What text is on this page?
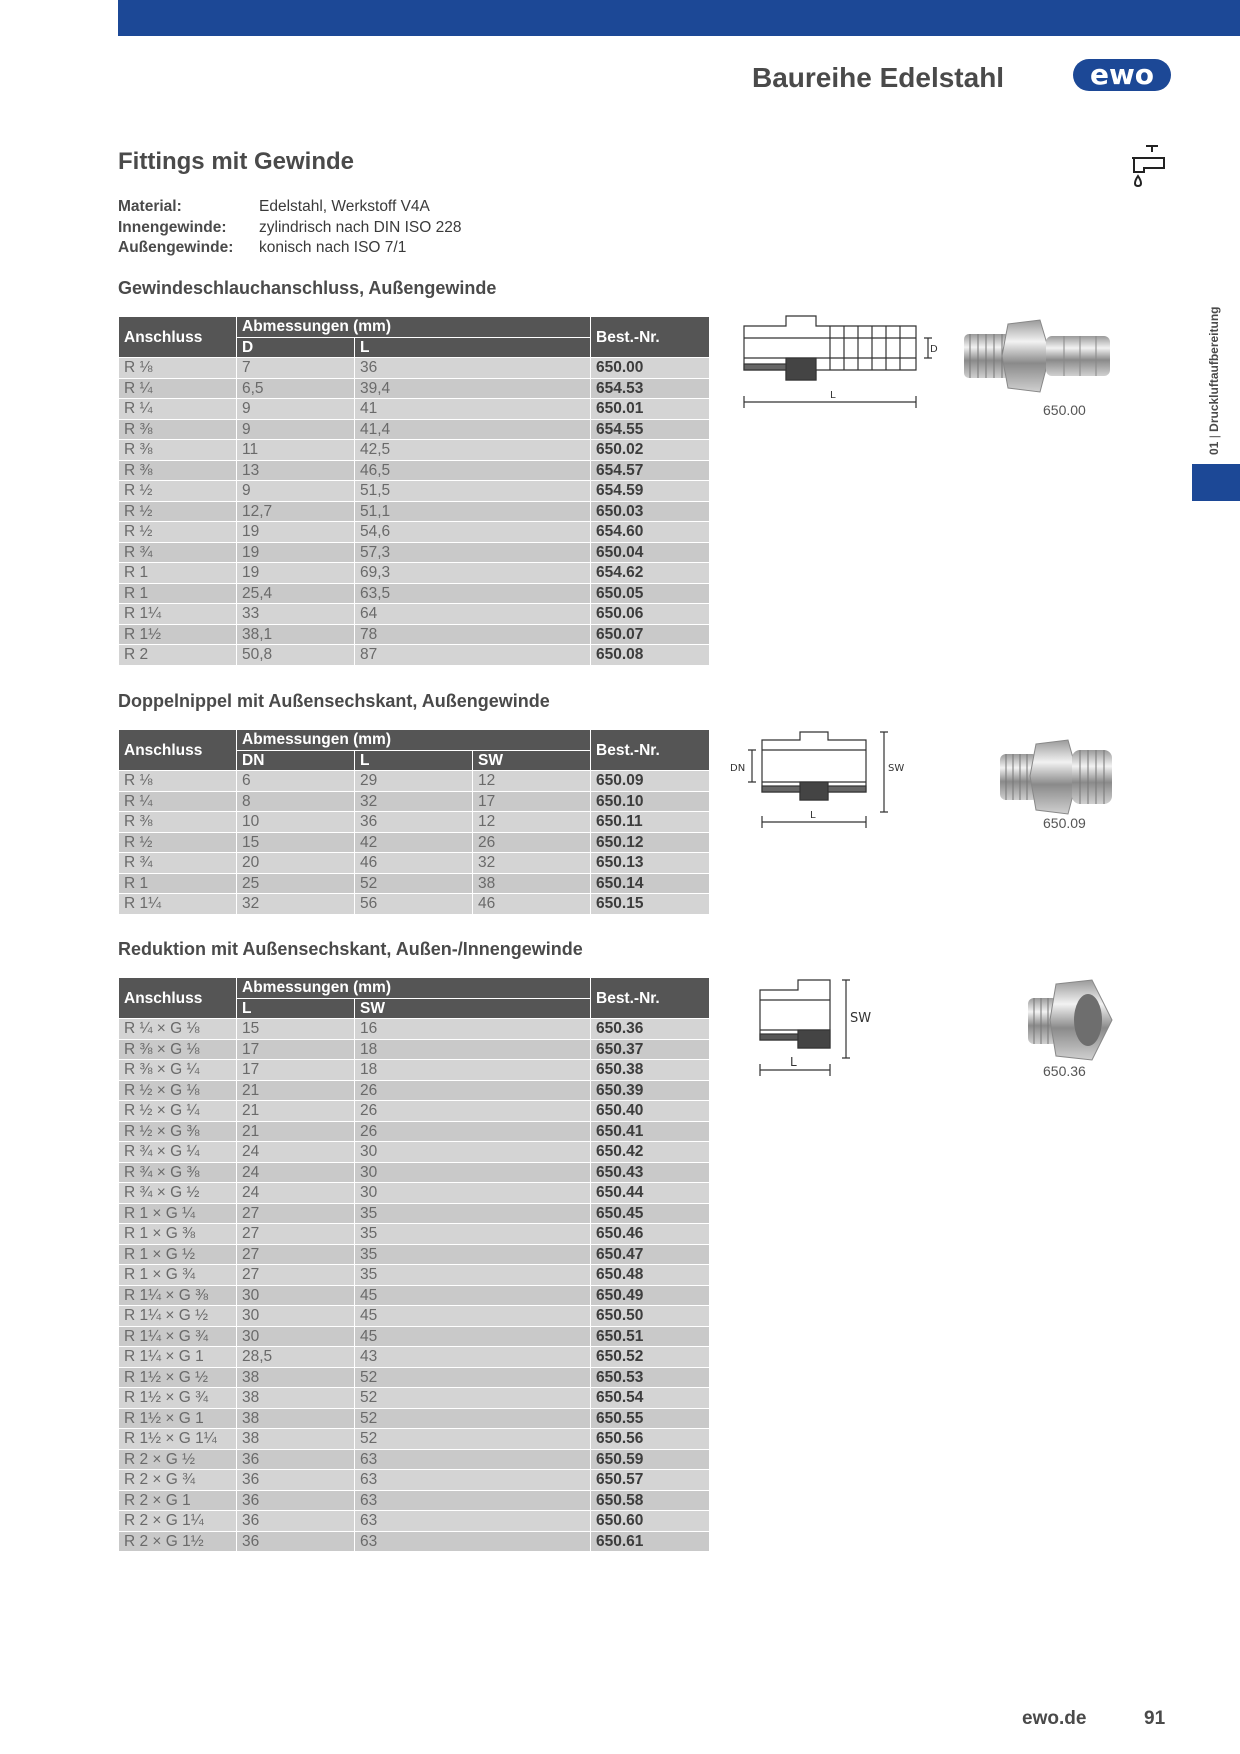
Baureihe Edelstahl	ewo
Fittings mit Gewinde
Material:	Edelstahl, Werkstoff V4A
Innengewinde:	zylindrisch nach DIN ISO 228
Außengewinde:	konisch nach ISO 7/1
Gewindeschlauchanschluss, Außengewinde
Anschluss	Abmessungen (mm)		Best.-Nr.
	D	L	
R ⅛	7	36	650.00
R ¼	6,5	39,4	654.53
R ¼	9	41	650.01
R ⅜	9	41,4	654.55
R ⅜	11	42,5	650.02
R ⅜	13	46,5	654.57
R ½	9	51,5	654.59
R ½	12,7	51,1	650.03
R ½	19	54,6	654.60
R ¾	19	57,3	650.04
R 1	19	69,3	654.62
R 1	25,4	63,5	650.05
R 1¼	33	64	650.06
R 1½	38,1	78	650.07
R 2	50,8	87	650.08
D
L
650.00
Doppelnippel mit Außensechskant, Außengewinde
Anschluss	Abmessungen (mm)			Best.-Nr.
	DN	L	SW	
R ⅛	6	29	12	650.09
R ¼	8	32	17	650.10
R ⅜	10	36	12	650.11
R ½	15	42	26	650.12
R ¾	20	46	32	650.13
R 1	25	52	38	650.14
R 1¼	32	56	46	650.15
DN	SW
L	650.09
Reduktion mit Außensechskant, Außen-/Innengewinde
Anschluss	Abmessungen (mm)		Best.-Nr.
	L	SW	
R ¼ × G ⅛	15	16	650.36
R ⅜ × G ⅛	17	18	650.37
R ⅜ × G ¼	17	18	650.38
R ½ × G ⅛	21	26	650.39
R ½ × G ¼	21	26	650.40
R ½ × G ⅜	21	26	650.41
R ¾ × G ¼	24	30	650.42
R ¾ × G ⅜	24	30	650.43
R ¾ × G ½	24	30	650.44
R 1 × G ¼	27	35	650.45
R 1 × G ⅜	27	35	650.46
R 1 × G ½	27	35	650.47
R 1 × G ¾	27	35	650.48
R 1¼ × G ⅜	30	45	650.49
R 1¼ × G ½	30	45	650.50
R 1¼ × G ¾	30	45	650.51
R 1¼ × G 1	28,5	43	650.52
R 1½ × G ½	38	52	650.53
R 1½ × G ¾	38	52	650.54
R 1½ × G 1	38	52	650.55
R 1½ × G 1¼	38	52	650.56
R 2 × G ½	36	63	650.59
R 2 × G ¾	36	63	650.57
R 2 × G 1	36	63	650.58
R 2 × G 1¼	36	63	650.60
R 2 × G 1½	36	63	650.61
SW
L
650.36
01 | Druckluftaufbereitung
ewo.de	91
